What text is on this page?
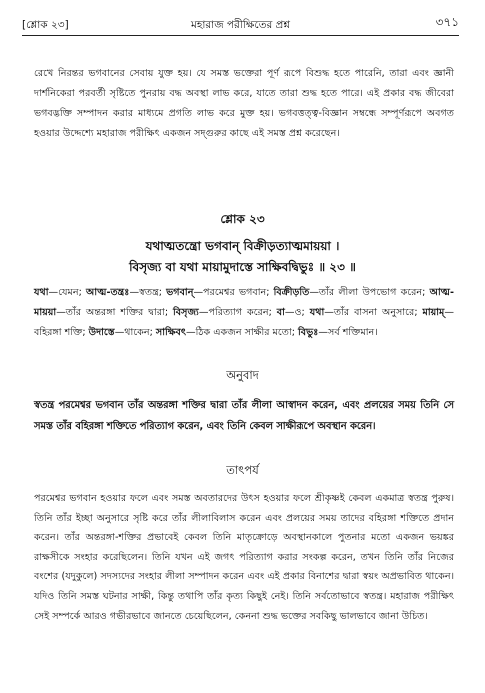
[শ্লোক ২৩]	মহারাজ পরীক্ষিতের প্রশ্ন	৩৭১

রেখে নিরন্তর ভগবানের সেবায় যুক্ত হয়। যে সমস্ত ভক্তেরা পূর্ণ রূপে বিশুদ্ধ হতে পারেনি, তারা এবং জ্ঞানী দার্শনিকেরা পরবর্তী সৃষ্টিতে পুনরায় বদ্ধ অবস্থা লাভ করে, যাতে তারা শুদ্ধ হতে পারে। এই প্রকার বদ্ধ জীবেরা ভগবদ্ভক্তি সম্পাদন করার মাধ্যমে প্রগতি লাভ করে মুক্ত হয়। ভগবত্তত্ত্ব-বিজ্ঞান সম্বন্ধে সম্পূর্ণরূপে অবগত হওয়ার উদ্দেশ্যে মহারাজ পরীক্ষিৎ একজন সদ্গুরুর কাছে এই সমস্ত প্রশ্ন করেছেন।

শ্লোক ২৩
যথাত্মতন্ত্রো ভগবান্ বিক্রীড়ত্যাত্মমায়য়া ।
বিসৃজ্য বা যথা মায়ামুদাস্তে সাক্ষিবদ্বিভুঃ ॥ ২৩ ॥

যথা—যেমন; আত্ম-তন্ত্রঃ—স্বতন্ত্র; ভগবান্—পরমেশ্বর ভগবান; বিক্রীড়তি—তাঁর লীলা উপভোগ করেন; আত্ম-মায়য়া—তাঁর অন্তরঙ্গা শক্তির দ্বারা; বিসৃজ্য—পরিত্যাগ করেন; বা—ও; যথা—তাঁর বাসনা অনুসারে; মায়াম্—বহিরঙ্গা শক্তি; উদাস্তে—থাকেন; সাক্ষিবৎ—ঠিক একজন সাক্ষীর মতো; বিভুঃ—সর্ব শক্তিমান।

অনুবাদ

স্বতন্ত্র পরমেশ্বর ভগবান তাঁর অন্তরঙ্গা শক্তির দ্বারা তাঁর লীলা আস্বাদন করেন, এবং প্রলয়ের সময় তিনি সে সমস্ত তাঁর বহিরঙ্গা শক্তিতে পরিত্যাগ করেন, এবং তিনি কেবল সাক্ষীরূপে অবস্থান করেন।

তাৎপর্য

পরমেশ্বর ভগবান হওয়ার ফলে এবং সমস্ত অবতারদের উৎস হওয়ার ফলে শ্রীকৃষ্ণই কেবল একমাত্র স্বতন্ত্র পুরুষ। তিনি তাঁর ইচ্ছা অনুসারে সৃষ্টি করে তাঁর লীলাবিলাস করেন এবং প্রলয়ের সময় তাদের বহিরঙ্গা শক্তিতে প্রদান করেন। তাঁর অন্তরঙ্গা-শক্তির প্রভাবেই কেবল তিনি মাতৃক্রোড়ে অবস্থানকালে পুতনার মতো একজন ভয়ঙ্কর রাক্ষসীকে সংহার করেছিলেন। তিনি যখন এই জগৎ পরিত্যাগ করার সংকল্প করেন, তখন তিনি তাঁর নিজের বংশের (যদুকুলে) সদস্যদের সংহার লীলা সম্পাদন করেন এবং এই প্রকার বিনাশের দ্বারা স্বয়ং অপ্রভাবিত থাকেন। যদিও তিনি সমস্ত ঘটনার সাক্ষী, কিন্তু তথাপি তাঁর কৃত্য কিছুই নেই। তিনি সর্বতোভাবে স্বতন্ত্র। মহারাজ পরীক্ষিৎ সেই সম্পর্কে আরও গভীরভাবে জানতে চেয়েছিলেন, কেননা শুদ্ধ ভক্তের সবকিছু ভালভাবে জানা উচিত।
